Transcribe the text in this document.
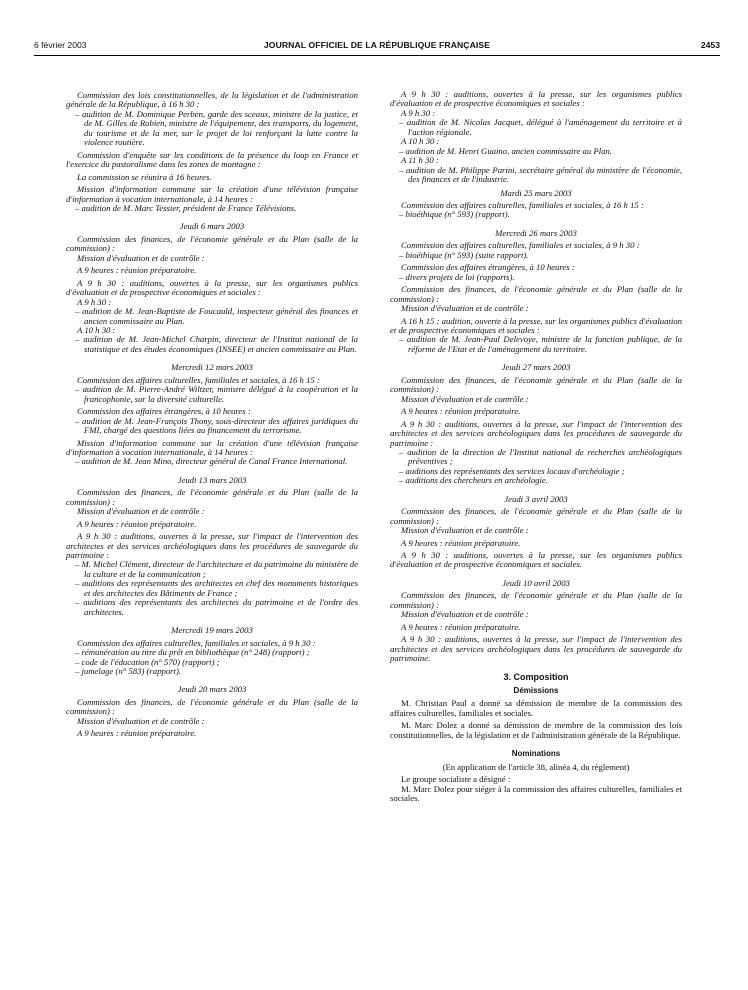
6 février 2003	JOURNAL OFFICIEL DE LA RÉPUBLIQUE FRANÇAISE	2453

Commission des lois constitutionnelles, de la législation et de l'administration générale de la République, à 16 h 30 :

– audition de M. Dominique Perben, garde des sceaux, ministre de la justice, et de M. Gilles de Robien, ministre de l'équipement, des transports, du logement, du tourisme et de la mer, sur le projet de loi renforçant la lutte contre la violence routière.

Commission d'enquête sur les conditions de la présence du loup en France et l'exercice du pastoralisme dans les zones de montagne :

La commission se réunira à 16 heures.

Mission d'information commune sur la création d'une télévision française d'information à vocation internationale, à 14 heures :

– audition de M. Marc Tessier, président de France Télévisions.

Jeudi 6 mars 2003

Commission des finances, de l'économie générale et du Plan (salle de la commission) :

Mission d'évaluation et de contrôle :

A 9 heures : réunion préparatoire.

A 9 h 30 : auditions, ouvertes à la presse, sur les organismes publics d'évaluation et de prospective économiques et sociales :

A 9 h 30 :

– audition de M. Jean-Baptiste de Foucauld, inspecteur général des finances et ancien commissaire au Plan.

A 10 h 30 :

– audition de M. Jean-Michel Charpin, directeur de l'Institut national de la statistique et des études économiques (INSEE) et ancien commissaire au Plan.

Mercredi 12 mars 2003

Commission des affaires culturelles, familiales et sociales, à 16 h 15 :

– audition de M. Pierre-André Wiltzer, ministre délégué à la coopération et la francophonie, sur la diversité culturelle.

Commission des affaires étrangères, à 10 heures :

– audition de M. Jean-François Thony, sous-directeur des affaires juridiques du FMI, chargé des questions liées au financement du terrorisme.

Mission d'information commune sur la création d'une télévision française d'information à vocation internationale, à 14 heures :

– audition de M. Jean Mino, directeur général de Canal France International.

Jeudi 13 mars 2003

Commission des finances, de l'économie générale et du Plan (salle de la commission) :

Mission d'évaluation et de contrôle :

A 9 heures : réunion préparatoire.

A 9 h 30 : auditions, ouvertes à la presse, sur l'impact de l'intervention des architectes et des services archéologiques dans les procédures de sauvegarde du patrimoine :

– M. Michel Clément, directeur de l'architecture et du patrimoine du ministère de la culture et de la communication ;

– auditions des représentants des architectes en chef des monuments historiques et des architectes des Bâtiments de France ;

– auditions des représentants des architectes du patrimoine et de l'ordre des architectes.

Mercredi 19 mars 2003

Commission des affaires culturelles, familiales et sociales, à 9 h 30 :

– rémunération au titre du prêt en bibliothèque (n° 248) (rapport) ;

– code de l'éducation (n° 570) (rapport) ;

– jumelage (n° 583) (rapport).

Jeudi 20 mars 2003

Commission des finances, de l'économie générale et du Plan (salle de la commission) :

Mission d'évaluation et de contrôle :

A 9 heures : réunion préparatoire.

A 9 h 30 : auditions, ouvertes à la presse, sur les organismes publics d'évaluation et de prospective économiques et sociales :

A 9 h 30 :

– audition de M. Nicolas Jacquet, délégué à l'aménagement du territoire et à l'action régionale.

A 10 h 30 :

– audition de M. Henri Guaino, ancien commissaire au Plan.

A 11 h 30 :

– audition de M. Philippe Parini, secrétaire général du ministère de l'économie, des finances et de l'industrie.

Mardi 25 mars 2003

Commission des affaires culturelles, familiales et sociales, à 16 h 15 :

– bioéthique (n° 593) (rapport).

Mercredi 26 mars 2003

Commission des affaires culturelles, familiales et sociales, à 9 h 30 :

– bioéthique (n° 593) (suite rapport).

Commission des affaires étrangères, à 10 heures :

– divers projets de loi (rapports).

Commission des finances, de l'économie générale et du Plan (salle de la commission) :

Mission d'évaluation et de contrôle :

A 16 h 15 : audition, ouverte à la presse, sur les organismes publics d'évaluation et de prospective économiques et sociales :

– audition de M. Jean-Paul Delevoye, ministre de la fonction publique, de la réforme de l'Etat et de l'aménagement du territoire.

Jeudi 27 mars 2003

Commission des finances, de l'économie générale et du Plan (salle de la commission) :

Mission d'évaluation et de contrôle :

A 9 heures : réunion préparatoire.

A 9 h 30 : auditions, ouvertes à la presse, sur l'impact de l'intervention des architectes et des services archéologiques dans les procédures de sauvegarde du patrimoine :

– audition de la direction de l'Institut national de recherches archéologiques préventives ;

– auditions des représentants des services locaux d'archéologie ;

– auditions des chercheurs en archéologie.

Jeudi 3 avril 2003

Commission des finances, de l'économie générale et du Plan (salle de la commission) :

Mission d'évaluation et de contrôle :

A 9 heures : réunion préparatoire.

A 9 h 30 : auditions, ouvertes à la presse, sur les organismes publics d'évaluation et de prospective économiques et sociales.

Jeudi 10 avril 2003

Commission des finances, de l'économie générale et du Plan (salle de la commission) :

Mission d'évaluation et de contrôle :

A 9 heures : réunion préparatoire.

A 9 h 30 : auditions, ouvertes à la presse, sur l'impact de l'intervention des architectes et des services archéologiques dans les procédures de sauvegarde du patrimoine.

3. Composition

Démissions

M. Christian Paul a donné sa démission de membre de la commission des affaires culturelles, familiales et sociales.

M. Marc Dolez a donné sa démission de membre de la commission des lois constitutionnelles, de la législation et de l'administration générale de la République.

Nominations

(En application de l'article 38, alinéa 4, du règlement)

Le groupe socialiste a désigné :

M. Marc Dolez pour siéger à la commission des affaires culturelles, familiales et sociales.
